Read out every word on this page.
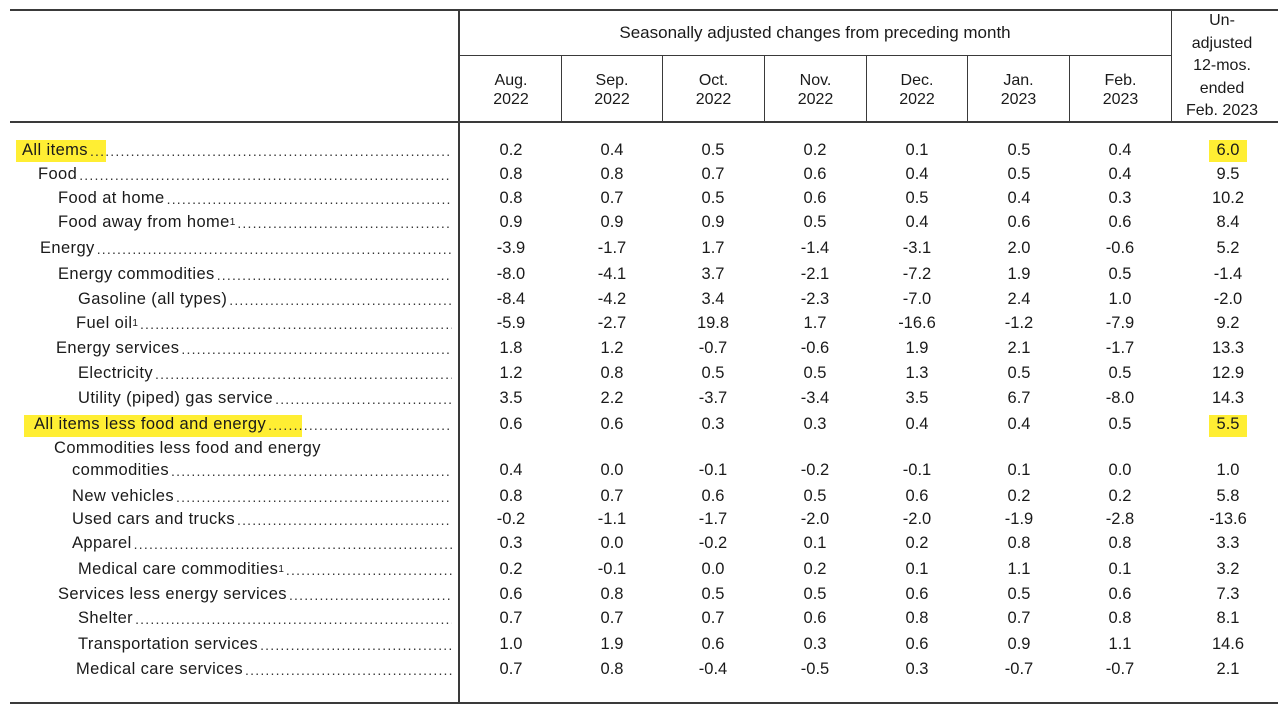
Seasonally adjusted changes from preceding month
Aug.
2022
Sep.
2022
Oct.
2022
Nov.
2022
Dec.
2022
Jan.
2023
Feb.
2023
Un-
adjusted
12-mos.
ended
Feb. 2023
All items .....	0.2	0.4	0.5	0.2	0.1	0.5	0.4	6.0
Food .....	0.8	0.8	0.7	0.6	0.4	0.5	0.4	9.5
Food at home .....	0.8	0.7	0.5	0.6	0.5	0.4	0.3	10.2
Food away from home 1 .....	0.9	0.9	0.9	0.5	0.4	0.6	0.6	8.4
Energy .....	-3.9	-1.7	1.7	-1.4	-3.1	2.0	-0.6	5.2
Energy commodities .....	-8.0	-4.1	3.7	-2.1	-7.2	1.9	0.5	-1.4
Gasoline (all types) .....	-8.4	-4.2	3.4	-2.3	-7.0	2.4	1.0	-2.0
Fuel oil 1 .....	-5.9	-2.7	19.8	1.7	-16.6	-1.2	-7.9	9.2
Energy services .....	1.8	1.2	-0.7	-0.6	1.9	2.1	-1.7	13.3
Electricity .....	1.2	0.8	0.5	0.5	1.3	0.5	0.5	12.9
Utility (piped) gas service .....	3.5	2.2	-3.7	-3.4	3.5	6.7	-8.0	14.3
All items less food and energy .....	0.6	0.6	0.3	0.3	0.4	0.4	0.5	5.5
Commodities less food and energy
commodities .....	0.4	0.0	-0.1	-0.2	-0.1	0.1	0.0	1.0
New vehicles .....	0.8	0.7	0.6	0.5	0.6	0.2	0.2	5.8
Used cars and trucks .....	-0.2	-1.1	-1.7	-2.0	-2.0	-1.9	-2.8	-13.6
Apparel .....	0.3	0.0	-0.2	0.1	0.2	0.8	0.8	3.3
Medical care commodities 1 .....	0.2	-0.1	0.0	0.2	0.1	1.1	0.1	3.2
Services less energy services .....	0.6	0.8	0.5	0.5	0.6	0.5	0.6	7.3
Shelter .....	0.7	0.7	0.7	0.6	0.8	0.7	0.8	8.1
Transportation services .....	1.0	1.9	0.6	0.3	0.6	0.9	1.1	14.6
Medical care services .....	0.7	0.8	-0.4	-0.5	0.3	-0.7	-0.7	2.1
